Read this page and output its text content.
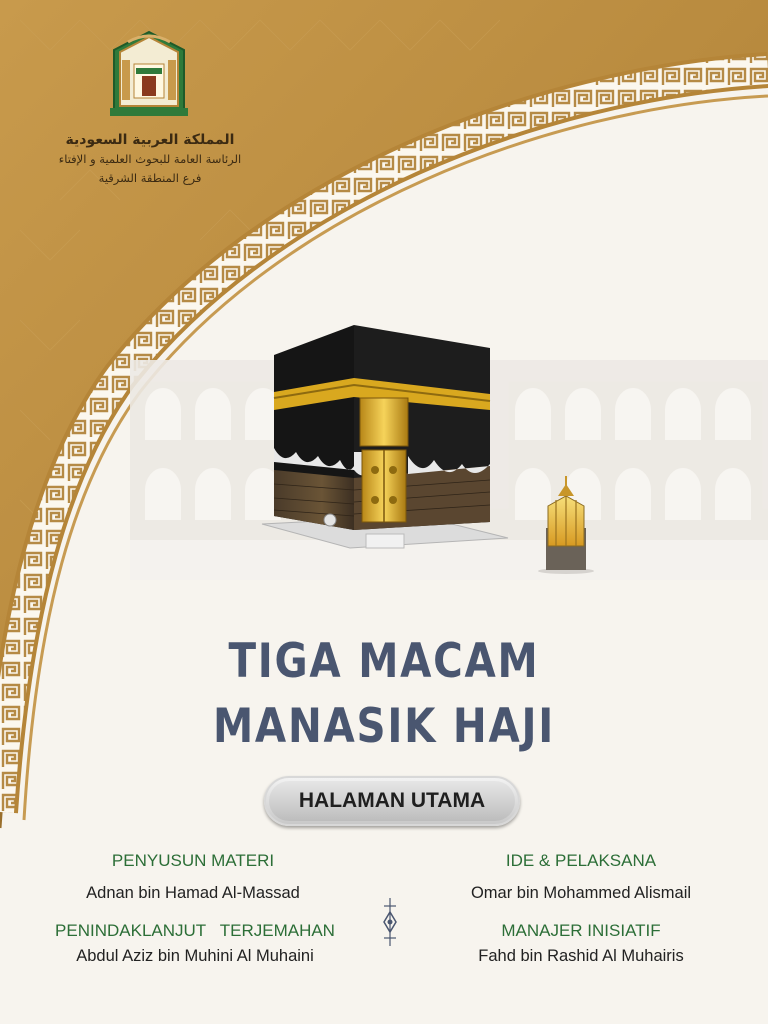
المملكة العربية السعودية
الرئاسة العامة للبحوث العلمية و الإفتاء
فرع المنطقة الشرقية
TIGA MACAM
MANASIK HAJI
HALAMAN UTAMA
PENYUSUN MATERI
Adnan bin Hamad Al-Massad
IDE & PELAKSANA
Omar bin Mohammed Alismail
PENINDAKLANJUT   TERJEMAHAN
Abdul Aziz bin Muhini Al Muhaini
MANAJER INISIATIF
Fahd bin Rashid Al Muhairis
